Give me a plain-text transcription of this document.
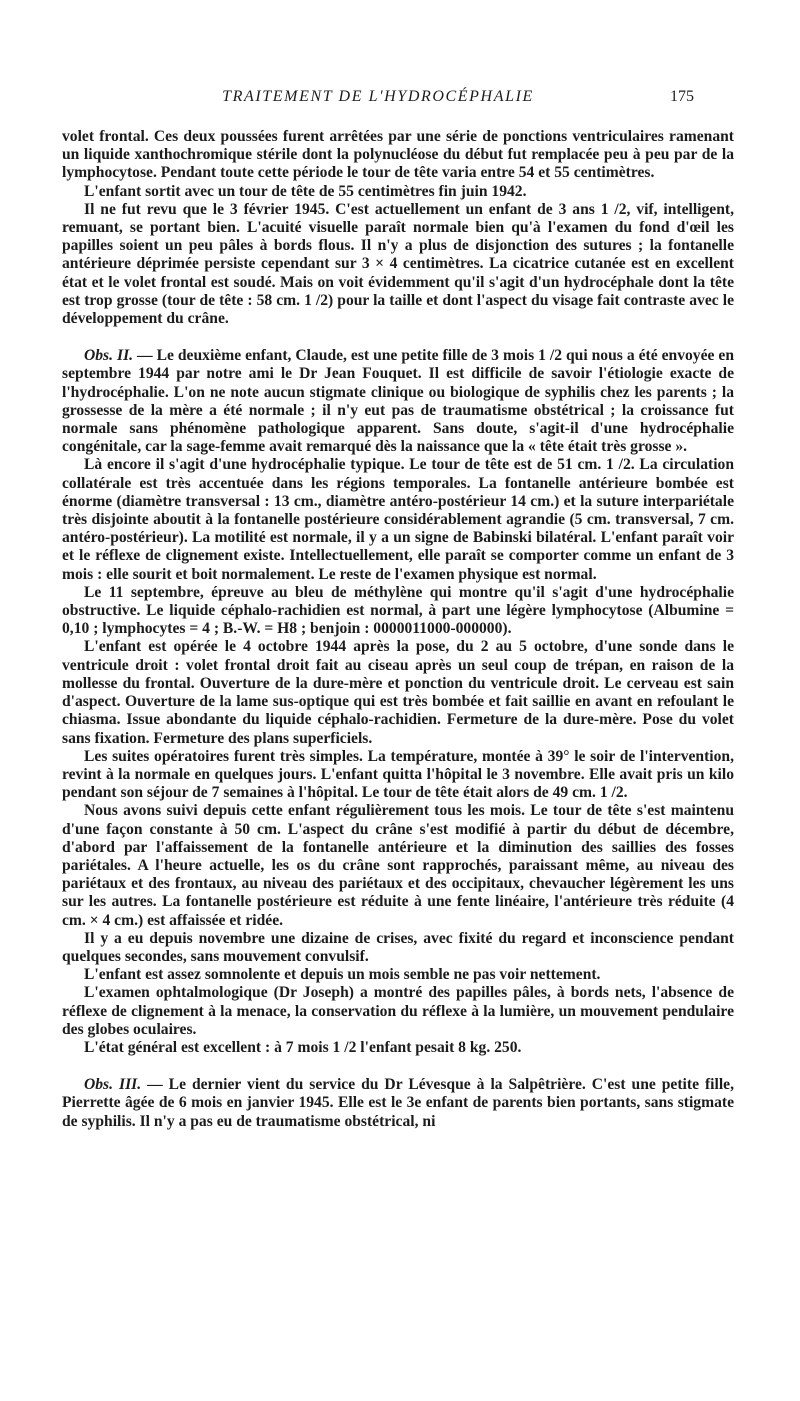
TRAITEMENT DE L'HYDROCÉPHALIE	175

volet frontal. Ces deux poussées furent arrêtées par une série de ponctions ventriculaires ramenant un liquide xanthochromique stérile dont la polynucléose du début fut remplacée peu à peu par de la lymphocytose. Pendant toute cette période le tour de tête varia entre 54 et 55 centimètres.

L'enfant sortit avec un tour de tête de 55 centimètres fin juin 1942.

Il ne fut revu que le 3 février 1945. C'est actuellement un enfant de 3 ans 1 /2, vif, intelligent, remuant, se portant bien. L'acuité visuelle paraît normale bien qu'à l'examen du fond d'œil les papilles soient un peu pâles à bords flous. Il n'y a plus de disjonction des sutures ; la fontanelle antérieure déprimée persiste cependant sur 3 × 4 centimètres. La cicatrice cutanée est en excellent état et le volet frontal est soudé. Mais on voit évidemment qu'il s'agit d'un hydrocéphale dont la tête est trop grosse (tour de tête : 58 cm. 1 /2) pour la taille et dont l'aspect du visage fait contraste avec le développement du crâne.

Obs. II. — Le deuxième enfant, Claude, est une petite fille de 3 mois 1 /2 qui nous a été envoyée en septembre 1944 par notre ami le Dr Jean Fouquet. Il est difficile de savoir l'étiologie exacte de l'hydrocéphalie. L'on ne note aucun stigmate clinique ou biologique de syphilis chez les parents ; la grossesse de la mère a été normale ; il n'y eut pas de traumatisme obstétrical ; la croissance fut normale sans phénomène pathologique apparent. Sans doute, s'agit-il d'une hydrocéphalie congénitale, car la sage-femme avait remarqué dès la naissance que la « tête était très grosse ».

Là encore il s'agit d'une hydrocéphalie typique. Le tour de tête est de 51 cm. 1 /2. La circulation collatérale est très accentuée dans les régions temporales. La fontanelle antérieure bombée est énorme (diamètre transversal : 13 cm., diamètre antéro-postérieur 14 cm.) et la suture interpariétale très disjointe aboutit à la fontanelle postérieure considérablement agrandie (5 cm. transversal, 7 cm. antéro-postérieur). La motilité est normale, il y a un signe de Babinski bilatéral. L'enfant paraît voir et le réflexe de clignement existe. Intellectuellement, elle paraît se comporter comme un enfant de 3 mois : elle sourit et boit normalement. Le reste de l'examen physique est normal.

Le 11 septembre, épreuve au bleu de méthylène qui montre qu'il s'agit d'une hydrocéphalie obstructive. Le liquide céphalo-rachidien est normal, à part une légère lymphocytose (Albumine = 0,10 ; lymphocytes = 4 ; B.-W. = H8 ; benjoin : 0000011000-000000).

L'enfant est opérée le 4 octobre 1944 après la pose, du 2 au 5 octobre, d'une sonde dans le ventricule droit : volet frontal droit fait au ciseau après un seul coup de trépan, en raison de la mollesse du frontal. Ouverture de la dure-mère et ponction du ventricule droit. Le cerveau est sain d'aspect. Ouverture de la lame sus-optique qui est très bombée et fait saillie en avant en refoulant le chiasma. Issue abondante du liquide céphalo-rachidien. Fermeture de la dure-mère. Pose du volet sans fixation. Fermeture des plans superficiels.

Les suites opératoires furent très simples. La température, montée à 39° le soir de l'intervention, revint à la normale en quelques jours. L'enfant quitta l'hôpital le 3 novembre. Elle avait pris un kilo pendant son séjour de 7 semaines à l'hôpital. Le tour de tête était alors de 49 cm. 1 /2.

Nous avons suivi depuis cette enfant régulièrement tous les mois. Le tour de tête s'est maintenu d'une façon constante à 50 cm. L'aspect du crâne s'est modifié à partir du début de décembre, d'abord par l'affaissement de la fontanelle antérieure et la diminution des saillies des fosses pariétales. A l'heure actuelle, les os du crâne sont rapprochés, paraissant même, au niveau des pariétaux et des frontaux, au niveau des pariétaux et des occipitaux, chevaucher légèrement les uns sur les autres. La fontanelle postérieure est réduite à une fente linéaire, l'antérieure très réduite (4 cm. × 4 cm.) est affaissée et ridée.

Il y a eu depuis novembre une dizaine de crises, avec fixité du regard et inconscience pendant quelques secondes, sans mouvement convulsif.

L'enfant est assez somnolente et depuis un mois semble ne pas voir nettement.

L'examen ophtalmologique (Dr Joseph) a montré des papilles pâles, à bords nets, l'absence de réflexe de clignement à la menace, la conservation du réflexe à la lumière, un mouvement pendulaire des globes oculaires.

L'état général est excellent : à 7 mois 1 /2 l'enfant pesait 8 kg. 250.

Obs. III. — Le dernier vient du service du Dr Lévesque à la Salpêtrière. C'est une petite fille, Pierrette âgée de 6 mois en janvier 1945. Elle est le 3e enfant de parents bien portants, sans stigmate de syphilis. Il n'y a pas eu de traumatisme obstétrical, ni
